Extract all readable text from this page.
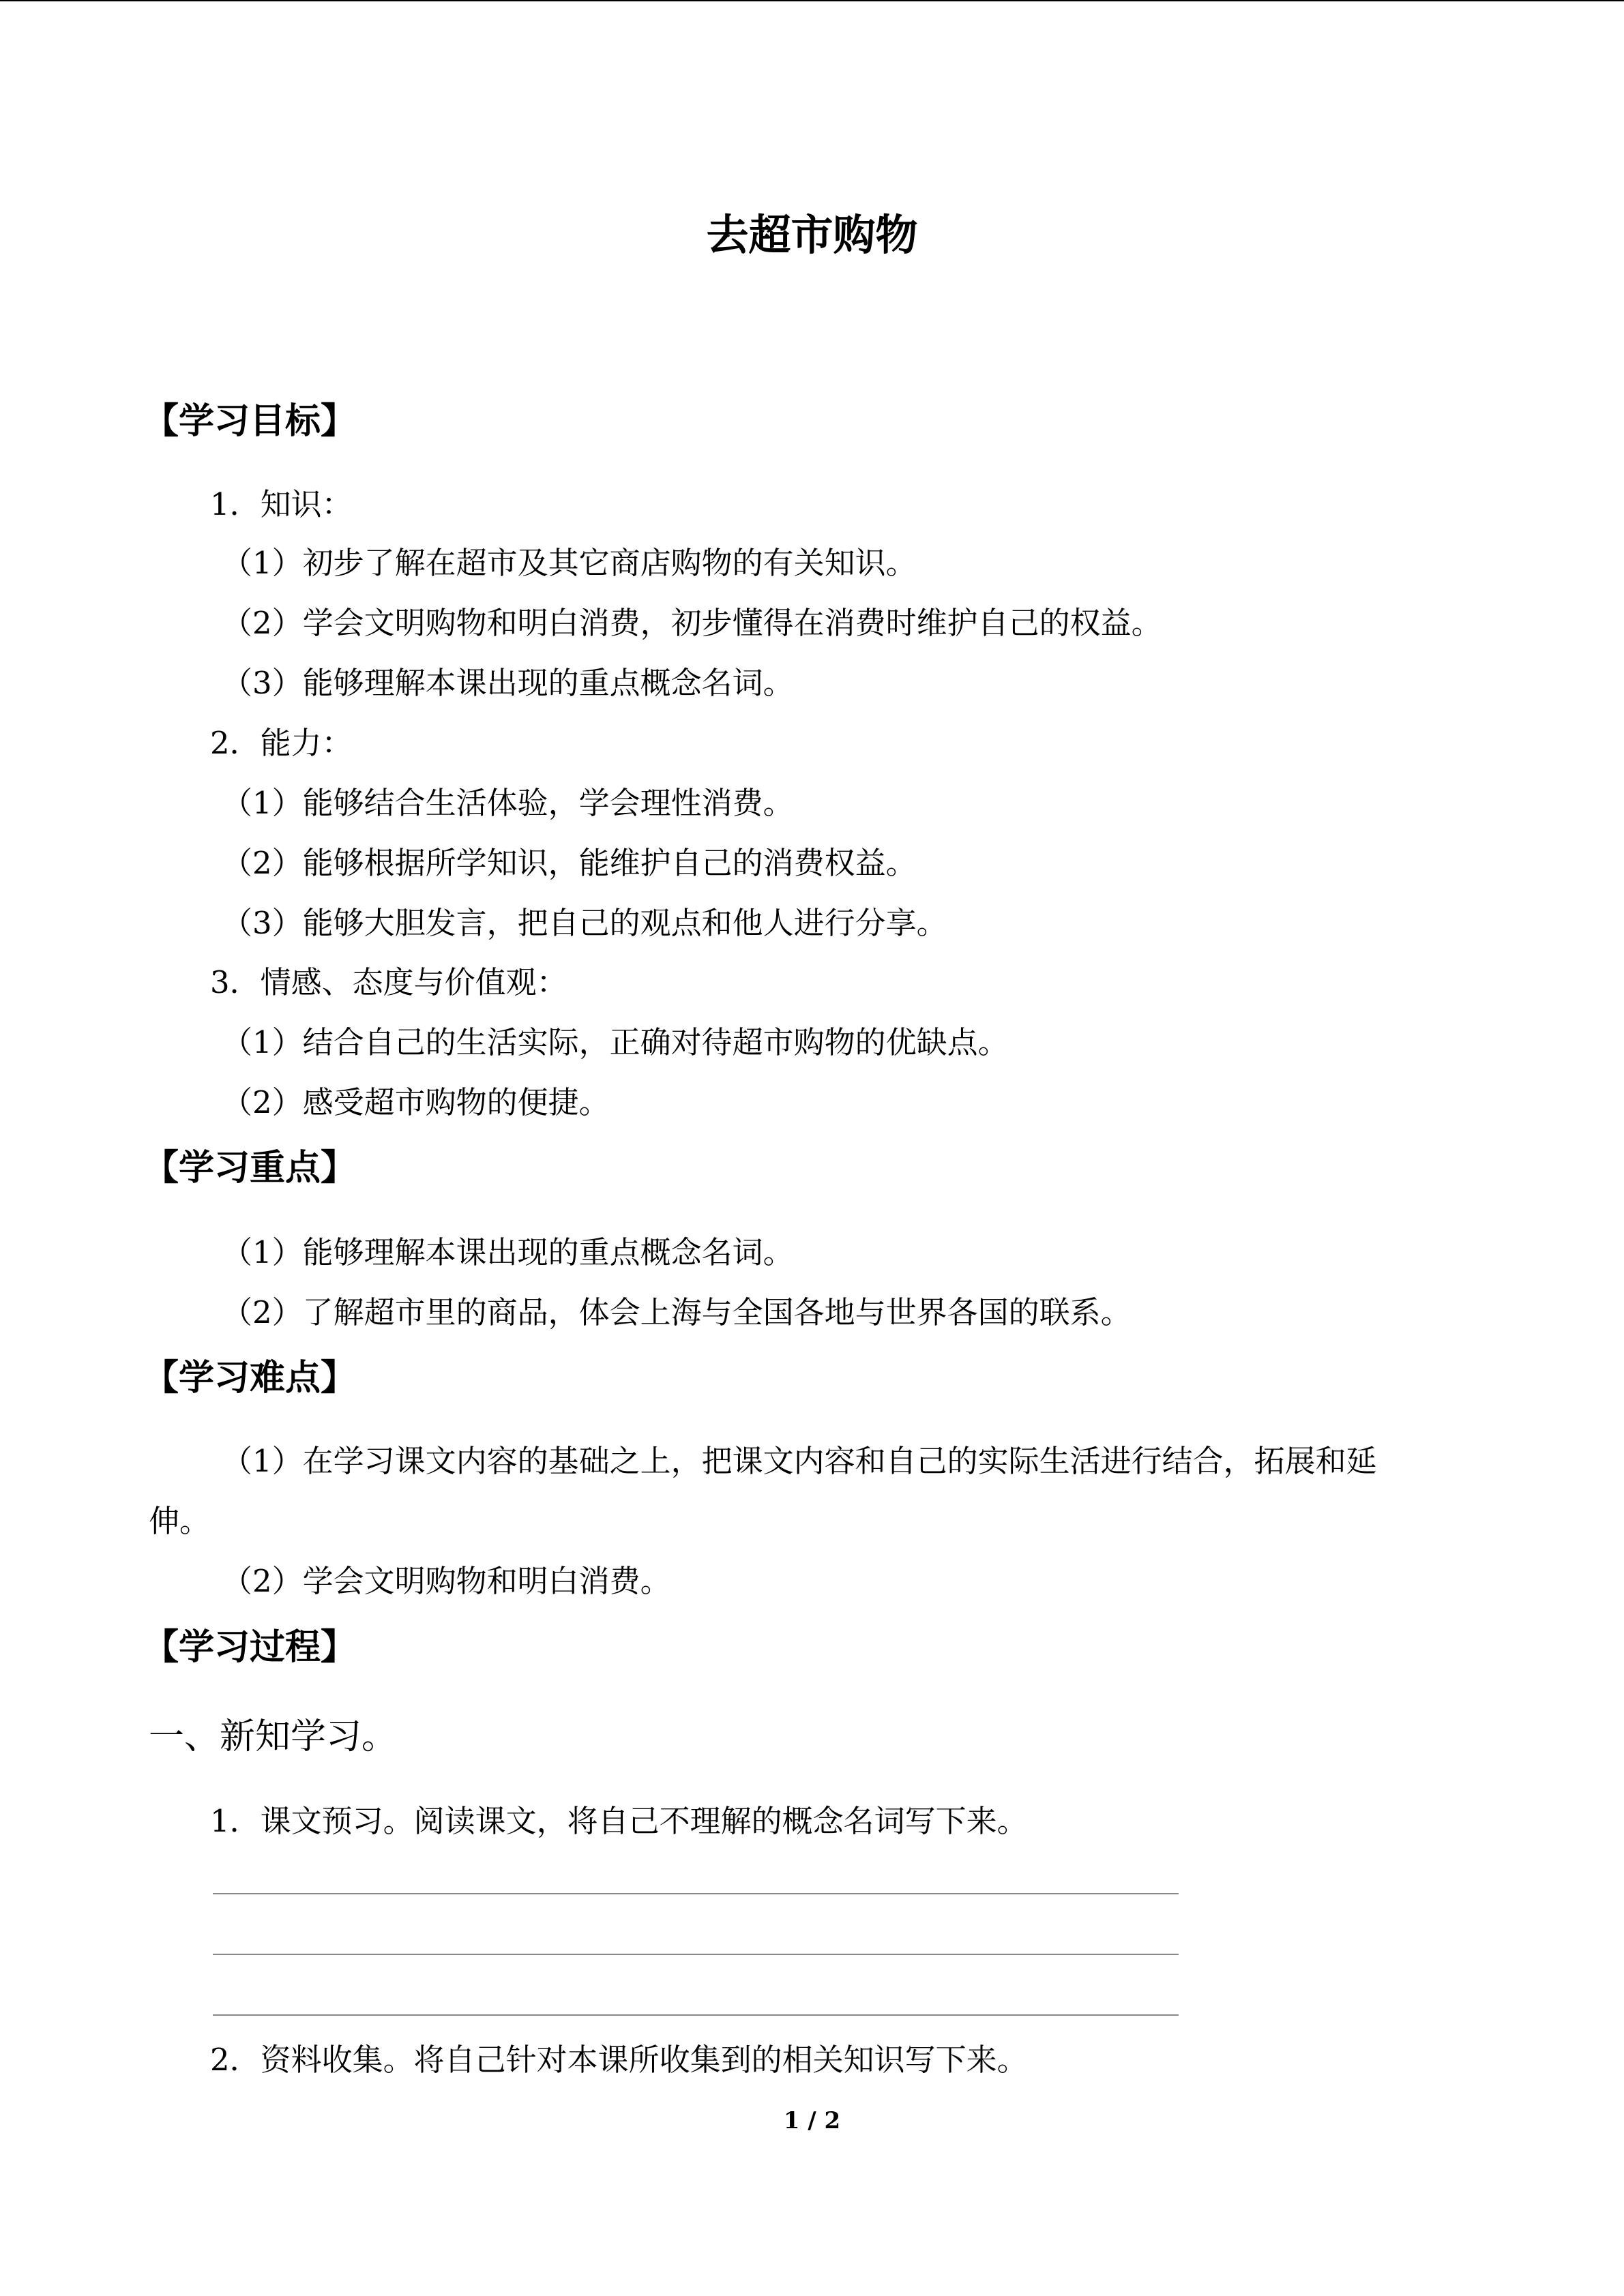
去超市购物
【学习目标】
1．知识：
（1）初步了解在超市及其它商店购物的有关知识。
（2）学会文明购物和明白消费，初步懂得在消费时维护自己的权益。
（3）能够理解本课出现的重点概念名词。
2．能力：
（1）能够结合生活体验，学会理性消费。
（2）能够根据所学知识，能维护自己的消费权益。
（3）能够大胆发言，把自己的观点和他人进行分享。
3．情感、态度与价值观：
（1）结合自己的生活实际，正确对待超市购物的优缺点。
（2）感受超市购物的便捷。
【学习重点】
（1）能够理解本课出现的重点概念名词。
（2）了解超市里的商品，体会上海与全国各地与世界各国的联系。
【学习难点】
（1）在学习课文内容的基础之上，把课文内容和自己的实际生活进行结合，拓展和延
伸。
（2）学会文明购物和明白消费。
【学习过程】
一、新知学习。
1．课文预习。阅读课文，将自己不理解的概念名词写下来。
2．资料收集。将自己针对本课所收集到的相关知识写下来。
1 / 2
